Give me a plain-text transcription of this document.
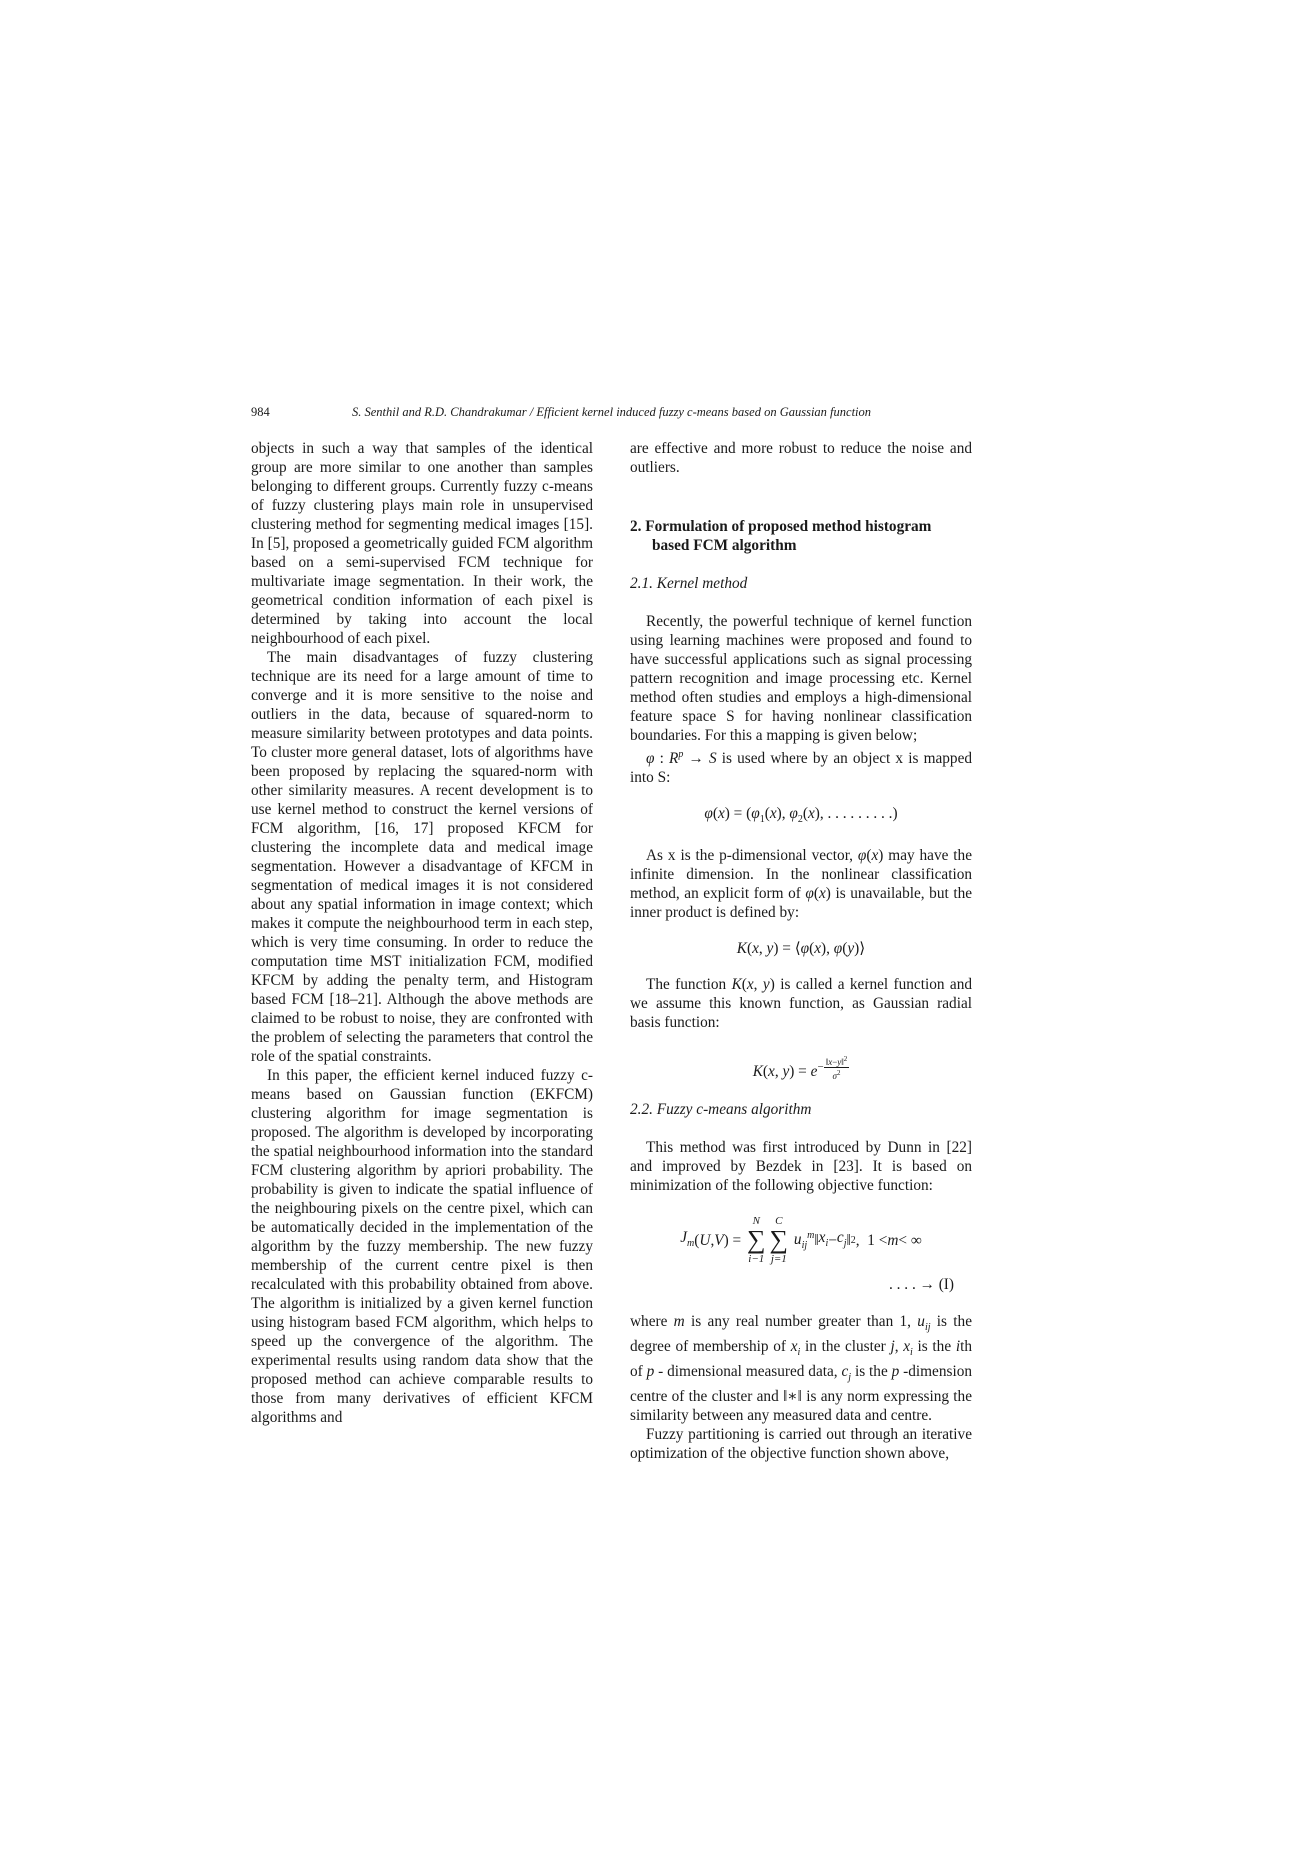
984	S. Senthil and R.D. Chandrakumar / Efficient kernel induced fuzzy c-means based on Gaussian function

objects in such a way that samples of the identical group are more similar to one another than samples belonging to different groups. Currently fuzzy c-means of fuzzy clustering plays main role in unsupervised clustering method for segmenting medical images [15]. In [5], proposed a geometrically guided FCM algorithm based on a semi-supervised FCM technique for multivariate image segmentation. In their work, the geometrical condition information of each pixel is determined by taking into account the local neighbourhood of each pixel.

The main disadvantages of fuzzy clustering technique are its need for a large amount of time to converge and it is more sensitive to the noise and outliers in the data, because of squared-norm to measure similarity between prototypes and data points. To cluster more general dataset, lots of algorithms have been proposed by replacing the squared-norm with other similarity measures. A recent development is to use kernel method to construct the kernel versions of FCM algorithm, [16, 17] proposed KFCM for clustering the incomplete data and medical image segmentation. However a disadvantage of KFCM in segmentation of medical images it is not considered about any spatial information in image context; which makes it compute the neighbourhood term in each step, which is very time consuming. In order to reduce the computation time MST initialization FCM, modified KFCM by adding the penalty term, and Histogram based FCM [18–21]. Although the above methods are claimed to be robust to noise, they are confronted with the problem of selecting the parameters that control the role of the spatial constraints.

In this paper, the efficient kernel induced fuzzy c-means based on Gaussian function (EKFCM) clustering algorithm for image segmentation is proposed. The algorithm is developed by incorporating the spatial neighbourhood information into the standard FCM clustering algorithm by apriori probability. The probability is given to indicate the spatial influence of the neighbouring pixels on the centre pixel, which can be automatically decided in the implementation of the algorithm by the fuzzy membership. The new fuzzy membership of the current centre pixel is then recalculated with this probability obtained from above. The algorithm is initialized by a given kernel function using histogram based FCM algorithm, which helps to speed up the convergence of the algorithm. The experimental results using random data show that the proposed method can achieve comparable results to those from many derivatives of efficient KFCM algorithms and

are effective and more robust to reduce the noise and outliers.

2. Formulation of proposed method histogram based FCM algorithm
2.1. Kernel method

Recently, the powerful technique of kernel function using learning machines were proposed and found to have successful applications such as signal processing pattern recognition and image processing etc. Kernel method often studies and employs a high-dimensional feature space S for having nonlinear classification boundaries. For this a mapping is given below;

φ : $R^p \to S$ is used where by an object x is mapped into S:

$\varphi(x) = (\varphi_1(x)$, $\varphi_2(x)$, . . . . . . . . .)

As x is the p-dimensional vector, φ(x) may have the infinite dimension. In the nonlinear classification method, an explicit form of φ(x) is unavailable, but the inner product is defined by:

K(x, y) = ⟨φ(x), φ(y)⟩

The function K(x, y) is called a kernel function and we assume this known function, as Gaussian radial basis function:

K(x, $y) = e^{- \frac{‖x-y‖^2}{\sigma^2}}$
2.2. Fuzzy c-means algorithm

This method was first introduced by Dunn in [22] and improved by Bezdek in [23]. It is based on minimization of the following objective function:

$J_m$ ( U , V ) =
N
∑
i−1
C
∑
j=1

$u_{ij}^m$ ‖ $x_i - c_j$ ‖ 2 ,  1 < m < ∞
. . . . → (I)

where m is any real number greater than 1, $u_{ij}$ is the degree of membership of $x_i$ in the cluster j, $x_i$ is the ith of p - dimensional measured data, $c_j$ is the p -dimension centre of the cluster and ‖∗‖ is any norm expressing the similarity between any measured data and centre.

Fuzzy partitioning is carried out through an iterative optimization of the objective function shown above,
